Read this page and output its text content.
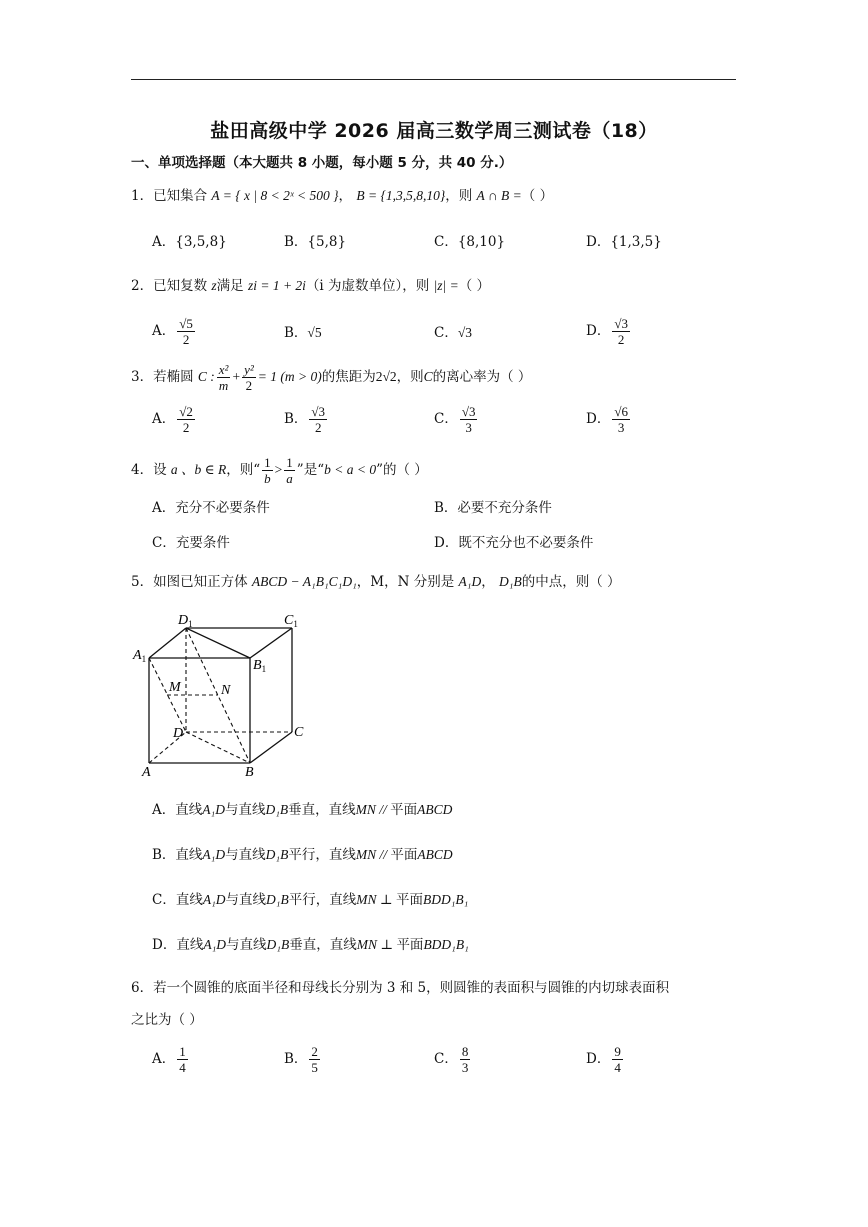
盐田高级中学 2026 届高三数学周三测试卷（18）
一、单项选择题（本大题共 8 小题，每小题 5 分，共 40 分.）
1．已知集合 A = { x | 8 < 2ˣ < 500 }， B = {1,3,5,8,10}，则 A ∩ B =（ ）
A．{3,5,8}	B．{5,8}	C．{8,10}	D．{1,3,5}
2．已知复数 z满足 zi = 1 + 2i（i 为虚数单位），则 |z| =（ ）
A． $\frac{√5}{2}$	B．√5	C．√3	D． $\frac{√3}{2}$
3．若椭圆 C : $\frac{\text{x²}}{m} + \frac{\text{y²}}{2} = 1$ (m > 0)的焦距为2√2，则C的离心率为（ ）
A． $\frac{√2}{2}$	B． $\frac{√3}{2}$	C． $\frac{√3}{3}$	D． $\frac{√6}{3}$
4．设 a 、b ∈ R，则“ $\frac{1}{b} > \frac{1}{a}$ ”是“b < a < 0”的（ ）
A．充分不必要条件	B．必要不充分条件
C．充要条件	D．既不充分也不必要条件
5．如图已知正方体 ABCD − A₁B₁C₁D₁，M，N 分别是 A₁D， D₁B的中点，则（ ）
$D_1$	$C_1$
$A_1$	$B_1$
M	N
D	C
A	B
A．直线A₁D与直线D₁B垂直，直线MN // 平面ABCD
B．直线A₁D与直线D₁B平行，直线MN // 平面ABCD
C．直线A₁D与直线D₁B平行，直线MN ⊥ 平面BDD₁B₁
D．直线A₁D与直线D₁B垂直，直线MN ⊥ 平面BDD₁B₁
6．若一个圆锥的底面半径和母线长分别为 3 和 5，则圆锥的表面积与圆锥的内切球表面积
之比为（ ）
A． $\frac{1}{4}$	B． $\frac{2}{5}$	C． $\frac{8}{3}$	D． $\frac{9}{4}$
